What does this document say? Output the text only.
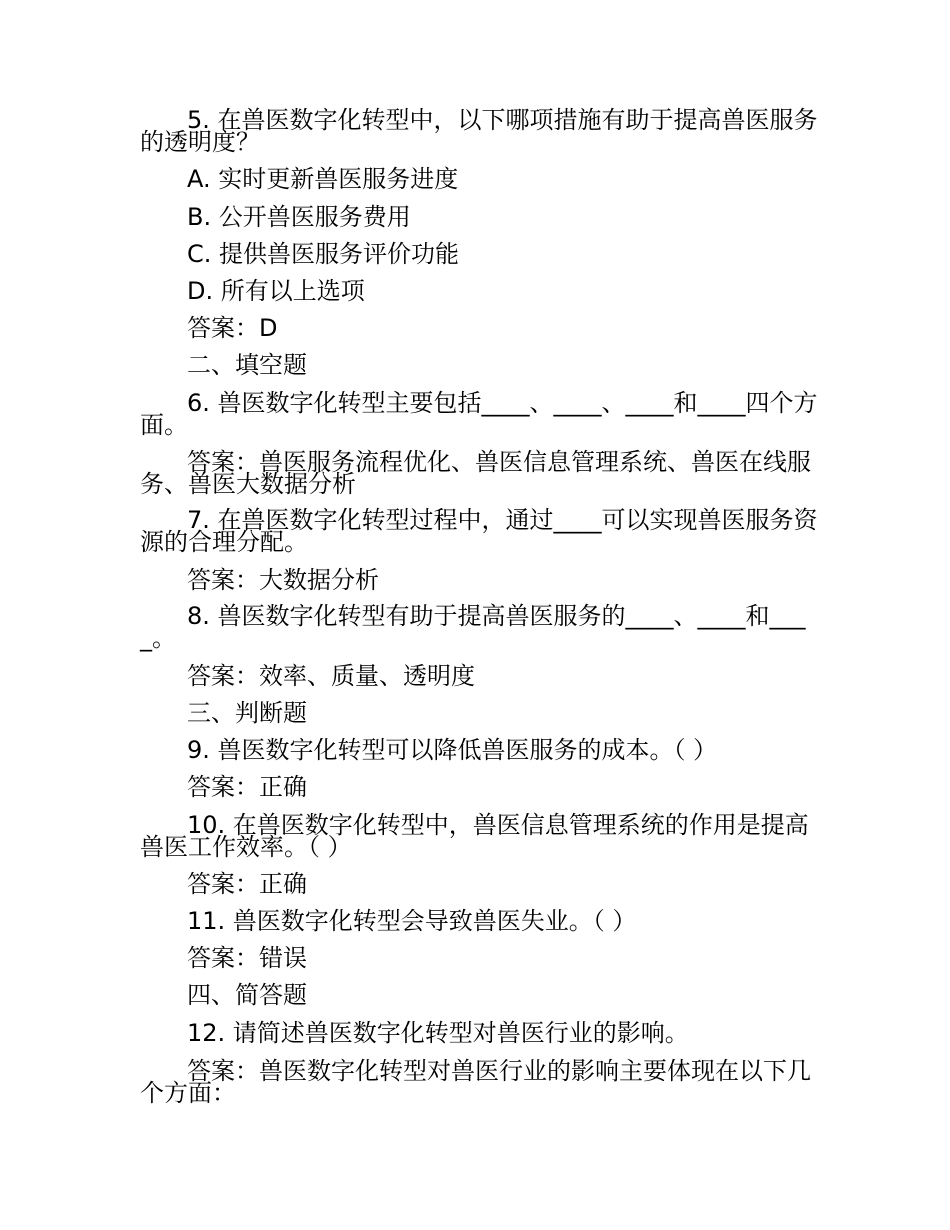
5. 在兽医数字化转型中，以下哪项措施有助于提高兽医服务的透明度？
A. 实时更新兽医服务进度
B. 公开兽医服务费用
C. 提供兽医服务评价功能
D. 所有以上选项
答案：D
二、填空题
6. 兽医数字化转型主要包括____、____、____和____四个方面。
答案：兽医服务流程优化、兽医信息管理系统、兽医在线服务、兽医大数据分析
7. 在兽医数字化转型过程中，通过____可以实现兽医服务资源的合理分配。
答案：大数据分析
8. 兽医数字化转型有助于提高兽医服务的____、____和____。
答案：效率、质量、透明度
三、判断题
9. 兽医数字化转型可以降低兽医服务的成本。（ ）
答案：正确
10. 在兽医数字化转型中，兽医信息管理系统的作用是提高兽医工作效率。（ ）
答案：正确
11. 兽医数字化转型会导致兽医失业。（ ）
答案：错误
四、简答题
12. 请简述兽医数字化转型对兽医行业的影响。
答案：兽医数字化转型对兽医行业的影响主要体现在以下几个方面：
